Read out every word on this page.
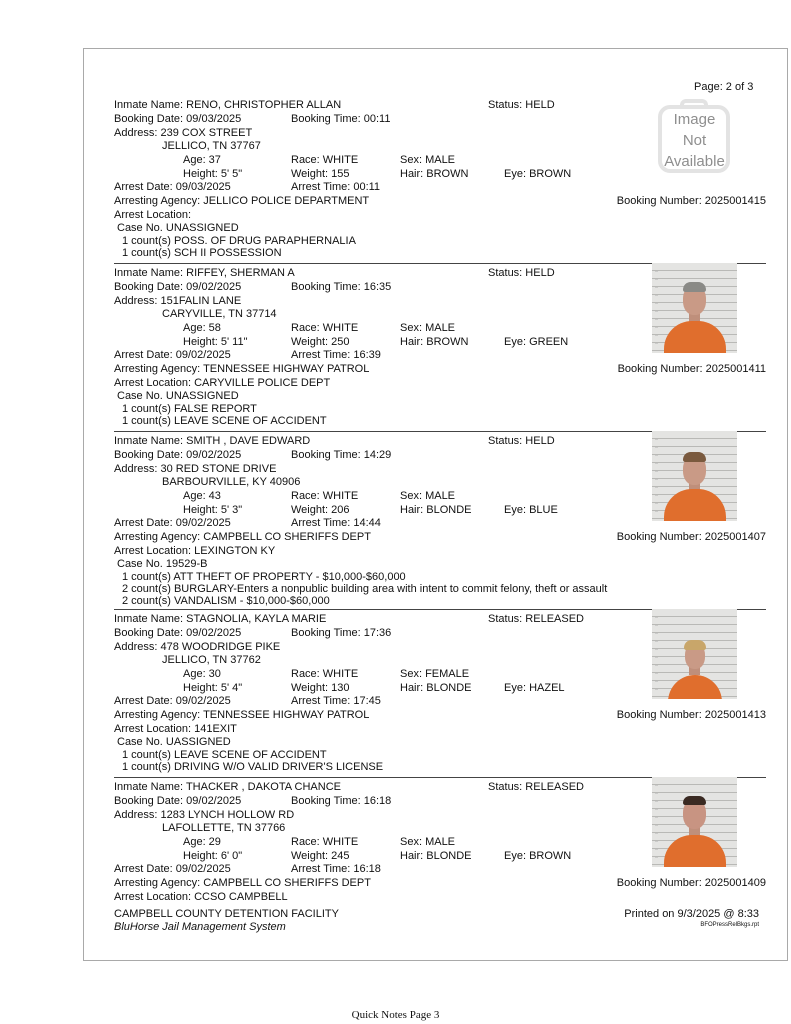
Page: 2 of 3
Inmate Name: RENO, CHRISTOPHER ALLAN	Status: HELD
Booking Date: 09/03/2025	Booking Time: 00:11
Address: 239 COX STREET
JELLICO, TN 37767
Age: 37	Race: WHITE	Sex: MALE
Height: 5' 5"	Weight: 155	Hair: BROWN	Eye: BROWN
Arrest Date: 09/03/2025	Arrest Time: 00:11
Arresting Agency: JELLICO POLICE DEPARTMENT	Booking Number: 2025001415
Arrest Location:
Case No. UNASSIGNED
1 count(s) POSS. OF DRUG PARAPHERNALIA
1 count(s) SCH II POSSESSION
Image
Not
Available
Inmate Name: RIFFEY, SHERMAN A	Status: HELD
Booking Date: 09/02/2025	Booking Time: 16:35
Address: 151FALIN LANE
CARYVILLE, TN 37714
Age: 58	Race: WHITE	Sex: MALE
Height: 5' 11"	Weight: 250	Hair: BROWN	Eye: GREEN
Arrest Date: 09/02/2025	Arrest Time: 16:39
Arresting Agency: TENNESSEE HIGHWAY PATROL	Booking Number: 2025001411
Arrest Location: CARYVILLE POLICE DEPT
Case No. UNASSIGNED
1 count(s) FALSE REPORT
1 count(s) LEAVE SCENE OF ACCIDENT
—
—
—
—
—
—
—
—
—
—
Inmate Name: SMITH , DAVE EDWARD	Status: HELD
Booking Date: 09/02/2025	Booking Time: 14:29
Address: 30 RED STONE DRIVE
BARBOURVILLE, KY 40906
Age: 43	Race: WHITE	Sex: MALE
Height: 5' 3"	Weight: 206	Hair: BLONDE	Eye: BLUE
Arrest Date: 09/02/2025	Arrest Time: 14:44
Arresting Agency: CAMPBELL CO SHERIFFS DEPT	Booking Number: 2025001407
Arrest Location: LEXINGTON KY
Case No. 19529-B
1 count(s) ATT THEFT OF PROPERTY - $10,000-$60,000
2 count(s) BURGLARY-Enters a nonpublic building area with intent to commit felony, theft or assault
2 count(s) VANDALISM - $10,000-$60,000
—
—
—
—
—
—
—
—
—
—
Inmate Name: STAGNOLIA, KAYLA MARIE	Status: RELEASED
Booking Date: 09/02/2025	Booking Time: 17:36
Address: 478 WOODRIDGE PIKE
JELLICO, TN 37762
Age: 30	Race: WHITE	Sex: FEMALE
Height: 5' 4"	Weight: 130	Hair: BLONDE	Eye: HAZEL
Arrest Date: 09/02/2025	Arrest Time: 17:45
Arresting Agency: TENNESSEE HIGHWAY PATROL	Booking Number: 2025001413
Arrest Location: 141EXIT
Case No. UASSIGNED
1 count(s) LEAVE SCENE OF ACCIDENT
1 count(s) DRIVING W/O VALID DRIVER'S LICENSE
—
—
—
—
—
—
—
—
—
—
Inmate Name: THACKER , DAKOTA CHANCE	Status: RELEASED
Booking Date: 09/02/2025	Booking Time: 16:18
Address: 1283 LYNCH HOLLOW RD
LAFOLLETTE, TN 37766
Age: 29	Race: WHITE	Sex: MALE
Height: 6' 0"	Weight: 245	Hair: BLONDE	Eye: BROWN
Arrest Date: 09/02/2025	Arrest Time: 16:18
Arresting Agency: CAMPBELL CO SHERIFFS DEPT	Booking Number: 2025001409
Arrest Location: CCSO CAMPBELL
—
—
—
—
—
—
—
—
—
—
CAMPBELL COUNTY DETENTION FACILITY
BluHorse Jail Management System
Printed on 9/3/2025 @ 8:33
BFOPressRelBkgs.rpt
Quick Notes Page 3
